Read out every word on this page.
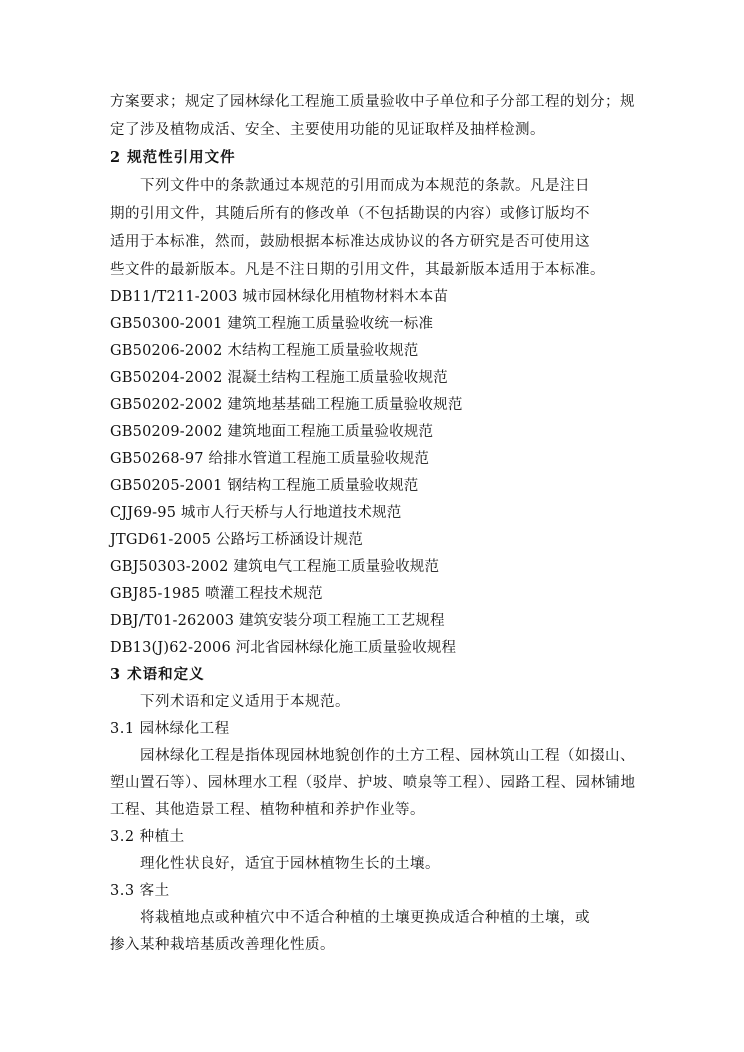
方案要求；规定了园林绿化工程施工质量验收中子单位和子分部工程的划分；规
定了涉及植物成活、安全、主要使用功能的见证取样及抽样检测。
2 规范性引用文件
　　下列文件中的条款通过本规范的引用而成为本规范的条款。凡是注日
期的引用文件，其随后所有的修改单（不包括勘误的内容）或修订版均不
适用于本标准，然而，鼓励根据本标准达成协议的各方研究是否可使用这
些文件的最新版本。凡是不注日期的引用文件，其最新版本适用于本标准。
DB11/T211-2003 城市园林绿化用植物材料木本苗
GB50300-2001 建筑工程施工质量验收统一标准
GB50206-2002 木结构工程施工质量验收规范
GB50204-2002 混凝土结构工程施工质量验收规范
GB50202-2002 建筑地基基础工程施工质量验收规范
GB50209-2002 建筑地面工程施工质量验收规范
GB50268-97 给排水管道工程施工质量验收规范
GB50205-2001 钢结构工程施工质量验收规范
CJJ69-95 城市人行天桥与人行地道技术规范
JTGD61-2005 公路圬工桥涵设计规范
GBJ50303-2002 建筑电气工程施工质量验收规范
GBJ85-1985 喷灌工程技术规范
DBJ/T01-262003 建筑安装分项工程施工工艺规程
DB13(J)62-2006 河北省园林绿化施工质量验收规程
3 术语和定义
　　下列术语和定义适用于本规范。
3.1 园林绿化工程
　　园林绿化工程是指体现园林地貌创作的土方工程、园林筑山工程（如掇山、
塑山置石等）、园林理水工程（驳岸、护坡、喷泉等工程）、园路工程、园林铺地
工程、其他造景工程、植物种植和养护作业等。
3.2 种植土
　　理化性状良好，适宜于园林植物生长的土壤。
3.3 客土
　　将栽植地点或种植穴中不适合种植的土壤更换成适合种植的土壤，或
掺入某种栽培基质改善理化性质。
